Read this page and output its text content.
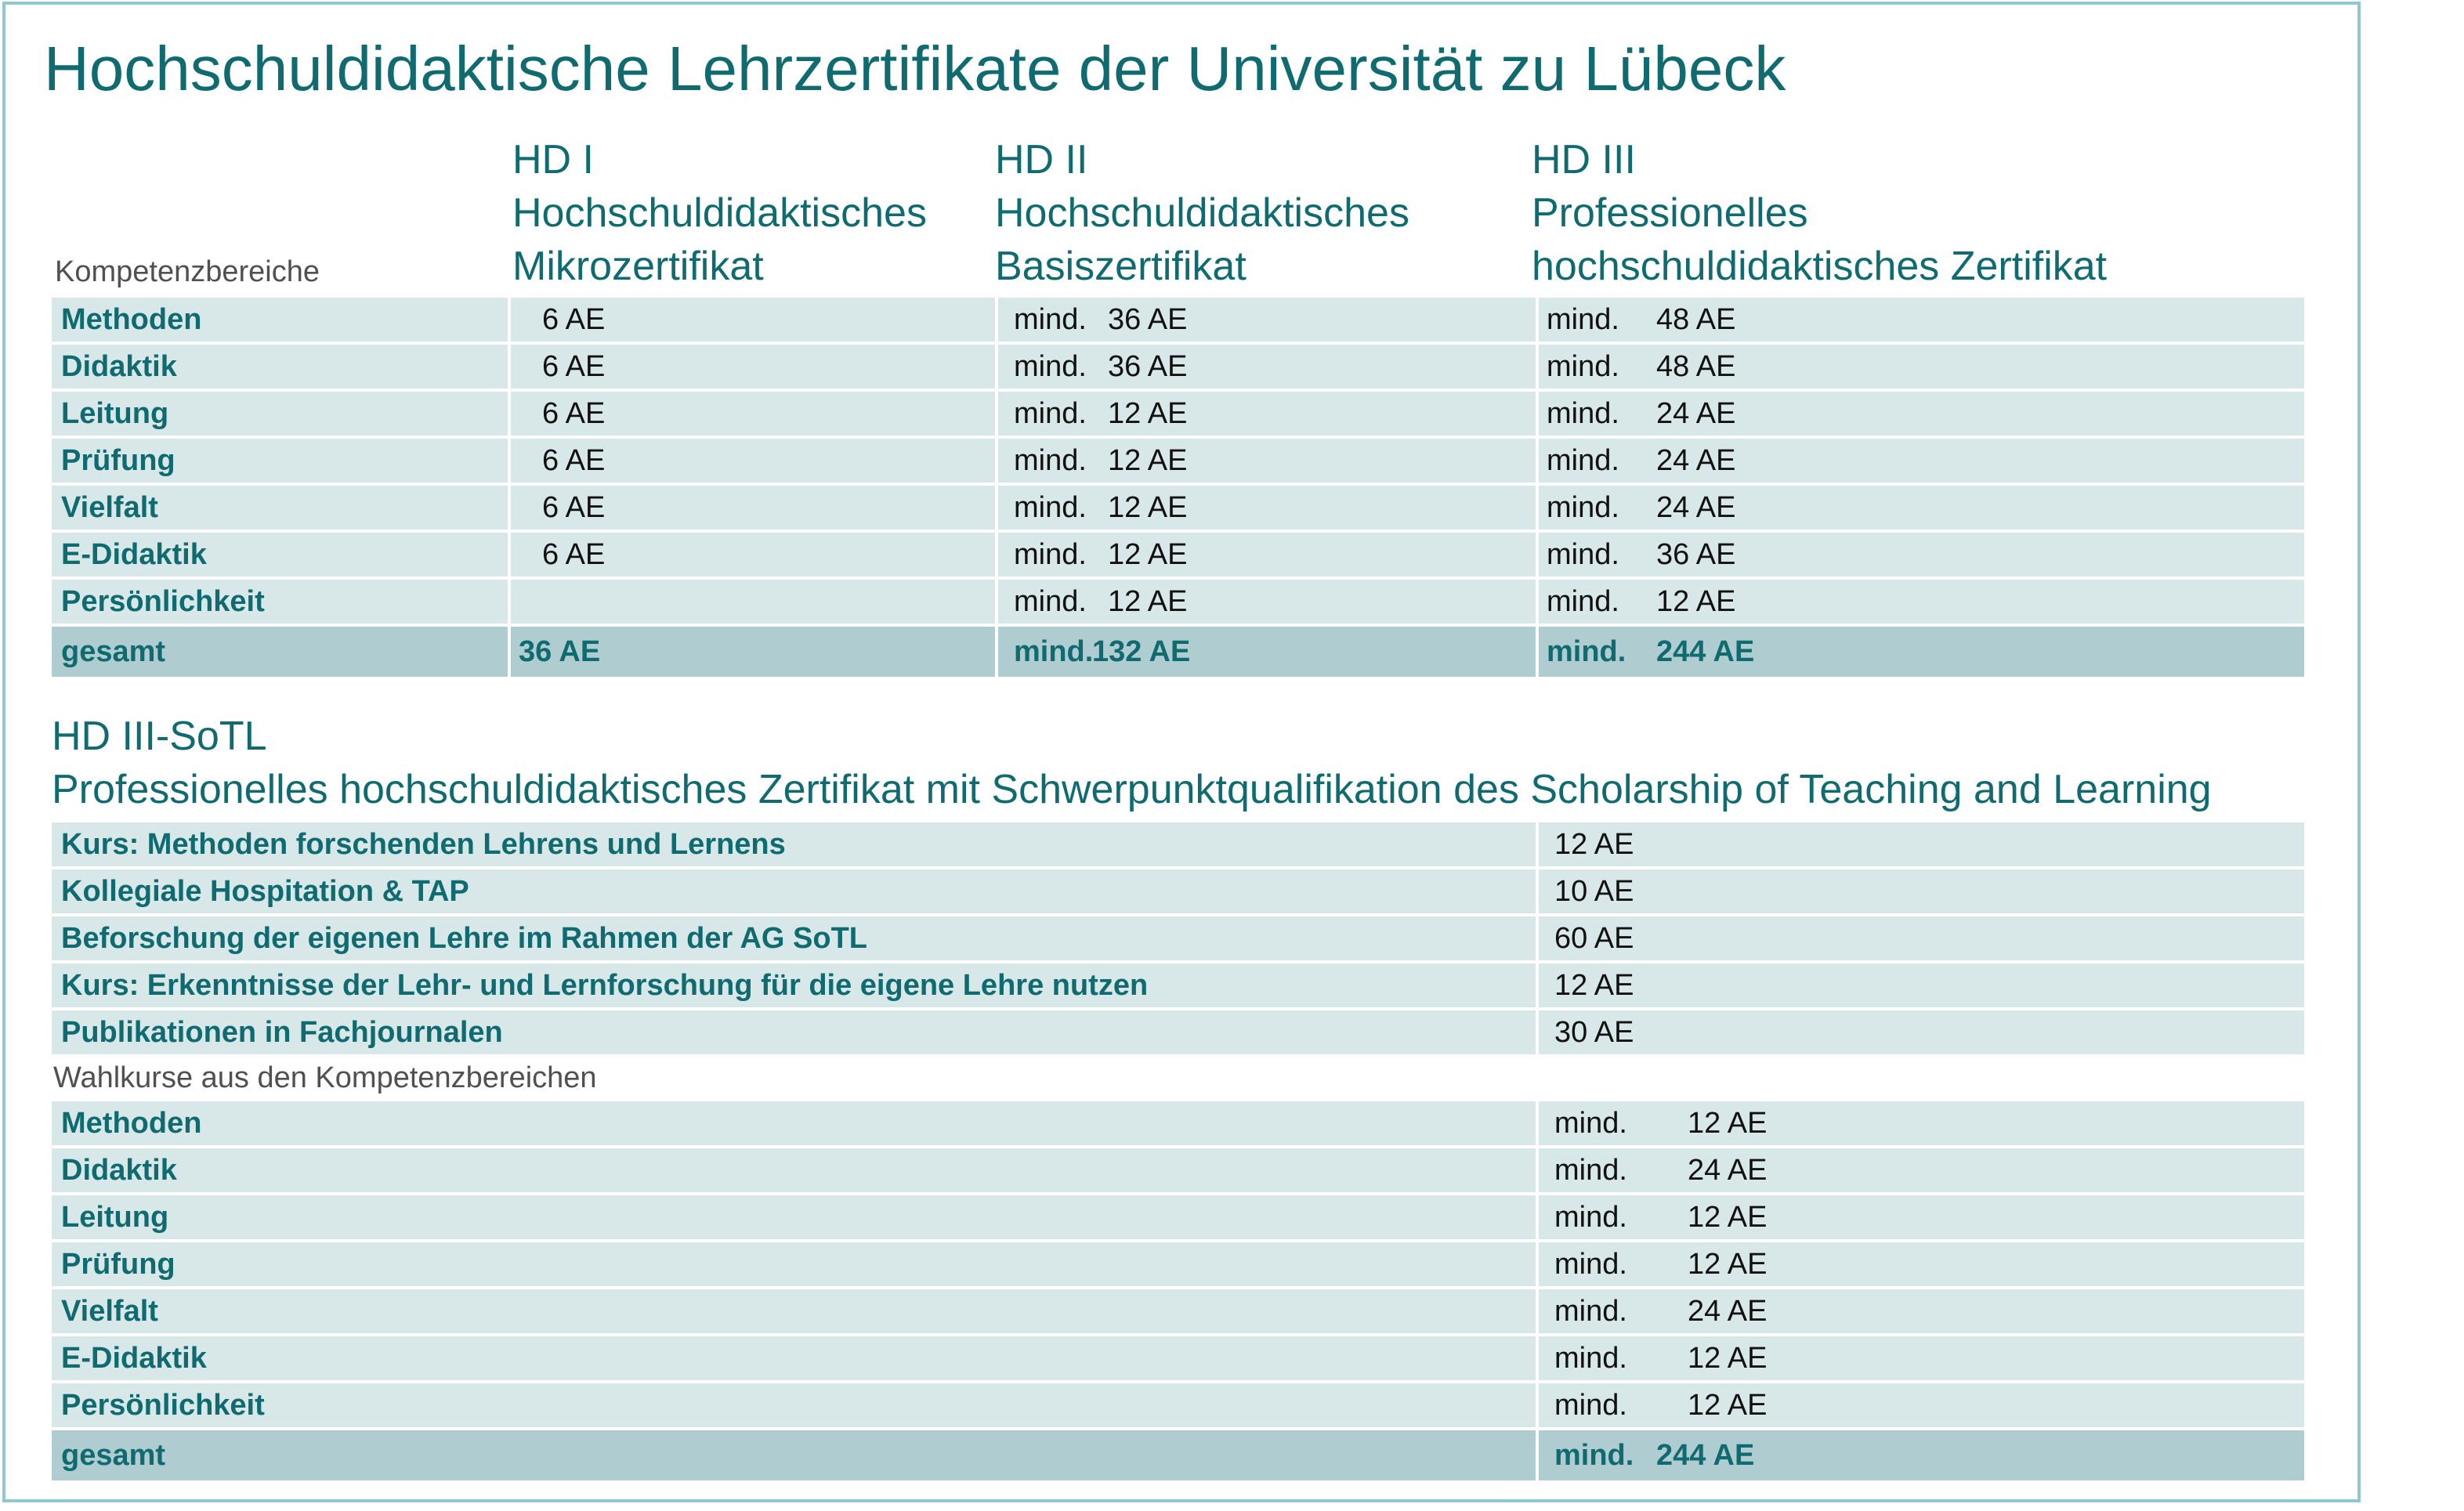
Hochschuldidaktische Lehrzertifikate der Universität zu Lübeck
HD I
Hochschuldidaktisches
Mikrozertifikat
HD II
Hochschuldidaktisches
Basiszertifikat
HD III
Professionelles
hochschuldidaktisches Zertifikat
Kompetenzbereiche
Methoden	6 AE	mind. 36 AE	mind. 48 AE
Didaktik	6 AE	mind. 36 AE	mind. 48 AE
Leitung	6 AE	mind. 12 AE	mind. 24 AE
Prüfung	6 AE	mind. 12 AE	mind. 24 AE
Vielfalt	6 AE	mind. 12 AE	mind. 24 AE
E-Didaktik	6 AE	mind. 12 AE	mind. 36 AE
Persönlichkeit		mind. 12 AE	mind. 12 AE
gesamt	36 AE	mind.132 AE	mind. 244 AE
HD III-SoTL
Professionelles hochschuldidaktisches Zertifikat mit Schwerpunktqualifikation des Scholarship of Teaching and Learning
Kurs: Methoden forschenden Lehrens und Lernens	12 AE
Kollegiale Hospitation & TAP	10 AE
Beforschung der eigenen Lehre im Rahmen der AG SoTL	60 AE
Kurs: Erkenntnisse der Lehr- und Lernforschung für die eigene Lehre nutzen	12 AE
Publikationen in Fachjournalen	30 AE
Wahlkurse aus den Kompetenzbereichen	
Methoden	mind. 12 AE
Didaktik	mind. 24 AE
Leitung	mind. 12 AE
Prüfung	mind. 12 AE
Vielfalt	mind. 24 AE
E-Didaktik	mind. 12 AE
Persönlichkeit	mind. 12 AE
gesamt	mind. 244 AE
